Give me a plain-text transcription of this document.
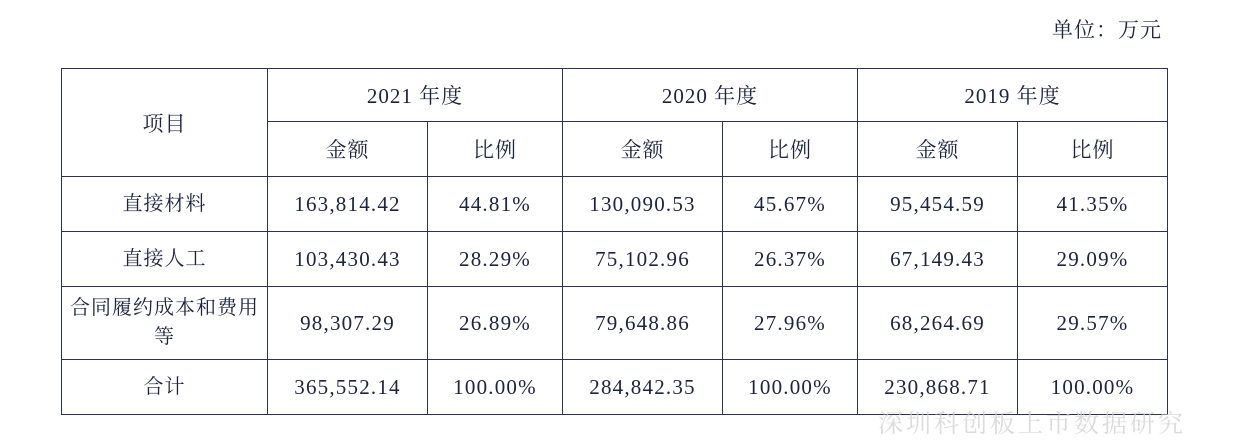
单位：万元
项目	2021 年度		2020 年度		2019 年度	
	金额	比例	金额	比例	金额	比例
直接材料	163,814.42	44.81%	130,090.53	45.67%	95,454.59	41.35%
直接人工	103,430.43	28.29%	75,102.96	26.37%	67,149.43	29.09%
合同履约成本和费用等	98,307.29	26.89%	79,648.86	27.96%	68,264.69	29.57%
合计	365,552.14	100.00%	284,842.35	100.00%	230,868.71	100.00%
深圳科创板上市数据研究
